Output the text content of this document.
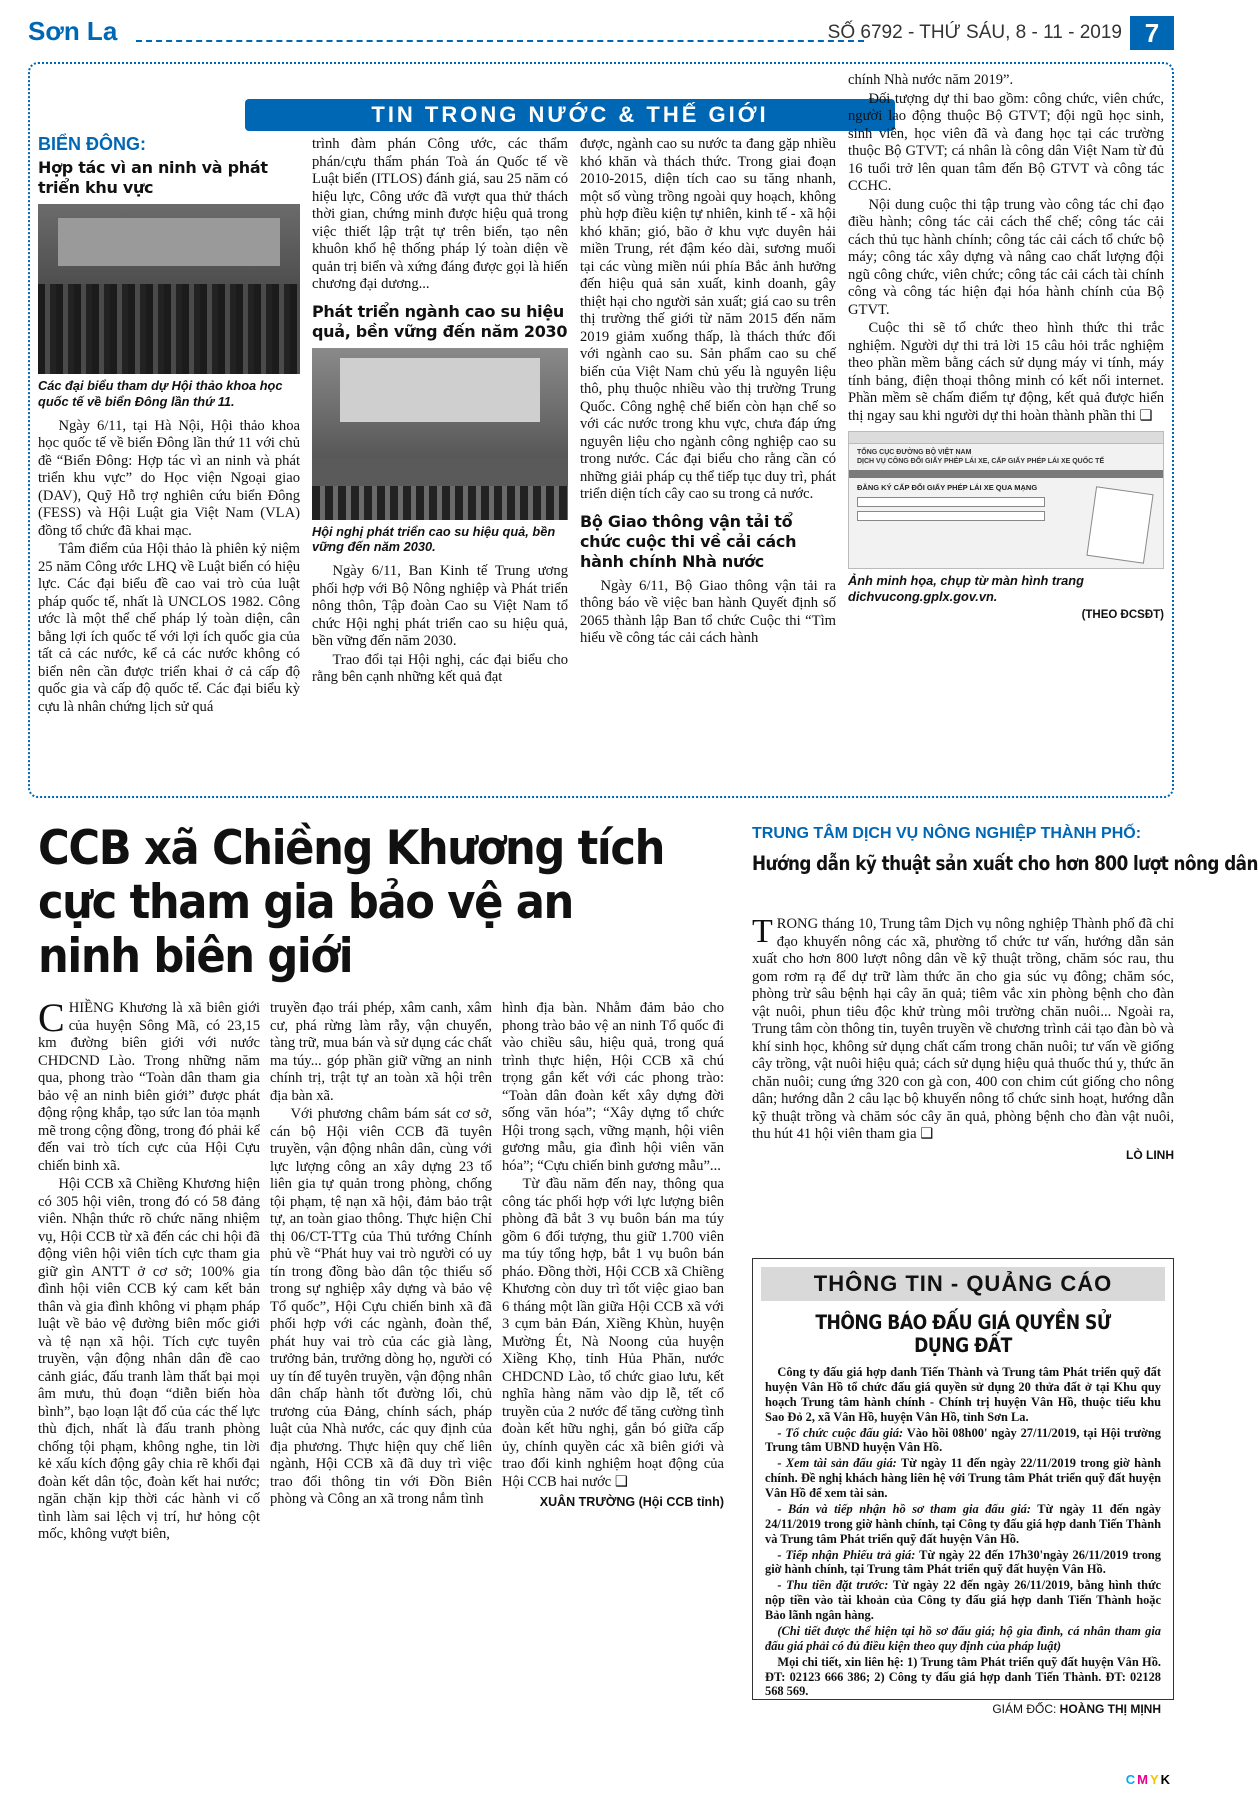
Sơn La	SỐ 6792 - THỨ SÁU, 8 - 11 - 2019 7
TIN TRONG NƯỚC & THẾ GIỚI
BIỂN ĐÔNG:
Hợp tác vì an ninh và phát triển khu vực
Các đại biểu tham dự Hội thảo khoa học quốc tế về biển Đông lần thứ 11.

Ngày 6/11, tại Hà Nội, Hội thảo khoa học quốc tế về biển Đông lần thứ 11 với chủ đề “Biển Đông: Hợp tác vì an ninh và phát triển khu vực” do Học viện Ngoại giao (DAV), Quỹ Hỗ trợ nghiên cứu biển Đông (FESS) và Hội Luật gia Việt Nam (VLA) đồng tổ chức đã khai mạc.

Tâm điểm của Hội thảo là phiên kỷ niệm 25 năm Công ước LHQ về Luật biển có hiệu lực. Các đại biểu đề cao vai trò của luật pháp quốc tế, nhất là UNCLOS 1982. Công ước là một thể chế pháp lý toàn diện, cân bằng lợi ích quốc tế với lợi ích quốc gia của tất cả các nước, kể cả các nước không có biển nên cần được triển khai ở cả cấp độ quốc gia và cấp độ quốc tế. Các đại biểu kỳ cựu là nhân chứng lịch sử quá

trình đàm phán Công ước, các thẩm phán/cựu thẩm phán Toà án Quốc tế về Luật biển (ITLOS) đánh giá, sau 25 năm có hiệu lực, Công ước đã vượt qua thử thách thời gian, chứng minh được hiệu quả trong việc thiết lập trật tự trên biển, tạo nên khuôn khổ hệ thống pháp lý toàn diện về quản trị biển và xứng đáng được gọi là hiến chương đại dương...

Phát triển ngành cao su hiệu quả, bền vững đến năm 2030
Hội nghị phát triển cao su hiệu quả, bền vững đến năm 2030.

Ngày 6/11, Ban Kinh tế Trung ương phối hợp với Bộ Nông nghiệp và Phát triển nông thôn, Tập đoàn Cao su Việt Nam tổ chức Hội nghị phát triển cao su hiệu quả, bền vững đến năm 2030.

Trao đổi tại Hội nghị, các đại biểu cho rằng bên cạnh những kết quả đạt

được, ngành cao su nước ta đang gặp nhiều khó khăn và thách thức. Trong giai đoạn 2010-2015, diện tích cao su tăng nhanh, một số vùng trồng ngoài quy hoạch, không phù hợp điều kiện tự nhiên, kinh tế - xã hội khó khăn; gió, bão ở khu vực duyên hải miền Trung, rét đậm kéo dài, sương muối tại các vùng miền núi phía Bắc ảnh hưởng đến hiệu quả sản xuất, kinh doanh, gây thiệt hại cho người sản xuất; giá cao su trên thị trường thế giới từ năm 2015 đến năm 2019 giảm xuống thấp, là thách thức đối với ngành cao su. Sản phẩm cao su chế biến của Việt Nam chủ yếu là nguyên liệu thô, phụ thuộc nhiều vào thị trường Trung Quốc. Công nghệ chế biến còn hạn chế so với các nước trong khu vực, chưa đáp ứng nguyên liệu cho ngành công nghiệp cao su trong nước. Các đại biểu cho rằng cần có những giải pháp cụ thể tiếp tục duy trì, phát triển diện tích cây cao su trong cả nước.

Bộ Giao thông vận tải tổ chức cuộc thi về cải cách hành chính Nhà nước

Ngày 6/11, Bộ Giao thông vận tải ra thông báo về việc ban hành Quyết định số 2065 thành lập Ban tổ chức Cuộc thi “Tìm hiểu về công tác cải cách hành

chính Nhà nước năm 2019”.

Đối tượng dự thi bao gồm: công chức, viên chức, người lao động thuộc Bộ GTVT; đội ngũ học sinh, sinh viên, học viên đã và đang học tại các trường thuộc Bộ GTVT; cá nhân là công dân Việt Nam từ đủ 16 tuổi trở lên quan tâm đến Bộ GTVT và công tác CCHC.

Nội dung cuộc thi tập trung vào công tác chỉ đạo điều hành; công tác cải cách thể chế; công tác cải cách thủ tục hành chính; công tác cải cách tổ chức bộ máy; công tác xây dựng và nâng cao chất lượng đội ngũ công chức, viên chức; công tác cải cách tài chính công và công tác hiện đại hóa hành chính của Bộ GTVT.

Cuộc thi sẽ tổ chức theo hình thức thi trắc nghiệm. Người dự thi trả lời 15 câu hỏi trắc nghiệm theo phần mềm bằng cách sử dụng máy vi tính, máy tính bảng, điện thoại thông minh có kết nối internet. Phần mềm sẽ chấm điểm tự động, kết quả được hiển thị ngay sau khi người dự thi hoàn thành phần thi ❑

TỔNG CỤC ĐƯỜNG BỘ VIỆT NAM
DỊCH VỤ CÔNG ĐỔI GIẤY PHÉP LÁI XE, CẤP GIẤY PHÉP LÁI XE QUỐC TẾ
ĐĂNG KÝ CẤP ĐỔI GIẤY PHÉP LÁI XE QUA MẠNG
Ảnh minh họa, chụp từ màn hình trang dichvucong.gplx.gov.vn.
(THEO ĐCSĐT)
CCB xã Chiềng Khương tích cực tham gia bảo vệ an ninh biên giới

CHIỀNG Khương là xã biên giới của huyện Sông Mã, có 23,15 km đường biên giới với nước CHDCND Lào. Trong những năm qua, phong trào “Toàn dân tham gia bảo vệ an ninh biên giới” được phát động rộng khắp, tạo sức lan tỏa mạnh mẽ trong cộng đồng, trong đó phải kể đến vai trò tích cực của Hội Cựu chiến binh xã.

Hội CCB xã Chiềng Khương hiện có 305 hội viên, trong đó có 58 đảng viên. Nhận thức rõ chức năng nhiệm vụ, Hội CCB từ xã đến các chi hội đã động viên hội viên tích cực tham gia giữ gìn ANTT ở cơ sở; 100% gia đình hội viên CCB ký cam kết bản thân và gia đình không vi phạm pháp luật về bảo vệ đường biên mốc giới và tệ nạn xã hội. Tích cực tuyên truyền, vận động nhân dân đề cao cảnh giác, đấu tranh làm thất bại mọi âm mưu, thủ đoạn “diễn biến hòa bình”, bạo loạn lật đổ của các thế lực thù địch, nhất là đấu tranh phòng chống tội phạm, không nghe, tin lời kẻ xấu kích động gây chia rẽ khối đại đoàn kết dân tộc, đoàn kết hai nước; ngăn chặn kịp thời các hành vi cố tình làm sai lệch vị trí, hư hỏng cột mốc, không vượt biên,

truyền đạo trái phép, xâm canh, xâm cư, phá rừng làm rẫy, vận chuyển, tàng trữ, mua bán và sử dụng các chất ma túy... góp phần giữ vững an ninh chính trị, trật tự an toàn xã hội trên địa bàn xã.

Với phương châm bám sát cơ sở, cán bộ Hội viên CCB đã tuyên truyền, vận động nhân dân, cùng với lực lượng công an xây dựng 23 tổ liên gia tự quản trong phòng, chống tội phạm, tệ nạn xã hội, đảm bảo trật tự, an toàn giao thông. Thực hiện Chỉ thị 06/CT-TTg của Thủ tướng Chính phủ về “Phát huy vai trò người có uy tín trong đồng bào dân tộc thiểu số trong sự nghiệp xây dựng và bảo vệ Tổ quốc”, Hội Cựu chiến binh xã đã phối hợp với các ngành, đoàn thể, phát huy vai trò của các già làng, trưởng bản, trưởng dòng họ, người có uy tín để tuyên truyền, vận động nhân dân chấp hành tốt đường lối, chủ trương của Đảng, chính sách, pháp luật của Nhà nước, các quy định của địa phương. Thực hiện quy chế liên ngành, Hội CCB xã đã duy trì việc trao đổi thông tin với Đồn Biên phòng và Công an xã trong nắm tình

hình địa bàn. Nhằm đảm bảo cho phong trào bảo vệ an ninh Tổ quốc đi vào chiều sâu, hiệu quả, trong quá trình thực hiện, Hội CCB xã chú trọng gắn kết với các phong trào: “Toàn dân đoàn kết xây dựng đời sống văn hóa”; “Xây dựng tổ chức Hội trong sạch, vững mạnh, hội viên gương mẫu, gia đình hội viên văn hóa”; “Cựu chiến binh gương mẫu”...

Từ đầu năm đến nay, thông qua công tác phối hợp với lực lượng biên phòng đã bắt 3 vụ buôn bán ma túy gồm 6 đối tượng, thu giữ 1.700 viên ma túy tổng hợp, bắt 1 vụ buôn bán pháo. Đồng thời, Hội CCB xã Chiềng Khương còn duy trì tốt việc giao ban 6 tháng một lần giữa Hội CCB xã với 3 cụm bản Đán, Xiềng Khùn, huyện Mường Ét, Nà Noong của huyện Xiềng Khọ, tỉnh Hủa Phăn, nước CHDCND Lào, tổ chức giao lưu, kết nghĩa hàng năm vào dịp lễ, tết cổ truyền của 2 nước để tăng cường tình đoàn kết hữu nghị, gắn bó giữa cấp ủy, chính quyền các xã biên giới và trao đổi kinh nghiệm hoạt động của Hội CCB hai nước ❑

XUÂN TRƯỜNG (Hội CCB tỉnh)
TRUNG TÂM DỊCH VỤ NÔNG NGHIỆP THÀNH PHỐ:
Hướng dẫn kỹ thuật sản xuất cho hơn 800 lượt nông dân

TRONG tháng 10, Trung tâm Dịch vụ nông nghiệp Thành phố đã chỉ đạo khuyến nông các xã, phường tổ chức tư vấn, hướng dẫn sản xuất cho hơn 800 lượt nông dân về kỹ thuật trồng, chăm sóc rau, thu gom rơm rạ để dự trữ làm thức ăn cho gia súc vụ đông; chăm sóc, phòng trừ sâu bệnh hại cây ăn quả; tiêm vắc xin phòng bệnh cho đàn vật nuôi, phun tiêu độc khử trùng môi trường chăn nuôi... Ngoài ra, Trung tâm còn thông tin, tuyên truyền về chương trình cải tạo đàn bò và khí sinh học, không sử dụng chất cấm trong chăn nuôi; tư vấn về giống cây trồng, vật nuôi hiệu quả; cách sử dụng hiệu quả thuốc thú y, thức ăn chăn nuôi; cung ứng 320 con gà con, 400 con chim cút giống cho nông dân; hướng dẫn 2 câu lạc bộ khuyến nông tổ chức sinh hoạt, hướng dẫn kỹ thuật trồng và chăm sóc cây ăn quả, phòng bệnh cho đàn vật nuôi, thu hút 41 hội viên tham gia ❑

LÒ LINH
THÔNG TIN - QUẢNG CÁO
THÔNG BÁO ĐẤU GIÁ QUYỀN SỬ DỤNG ĐẤT

Công ty đấu giá hợp danh Tiến Thành và Trung tâm Phát triển quỹ đất huyện Vân Hồ tổ chức đấu giá quyền sử dụng 20 thửa đất ở tại Khu quy hoạch Trung tâm hành chính - Chính trị huyện Vân Hồ, thuộc tiểu khu Sao Đỏ 2, xã Vân Hồ, huyện Vân Hồ, tỉnh Sơn La.

- Tổ chức cuộc đấu giá: Vào hồi 08h00' ngày 27/11/2019, tại Hội trường Trung tâm UBND huyện Vân Hồ.

- Xem tài sản đấu giá: Từ ngày 11 đến ngày 22/11/2019 trong giờ hành chính. Đề nghị khách hàng liên hệ với Trung tâm Phát triển quỹ đất huyện Vân Hồ để xem tài sản.

- Bán và tiếp nhận hồ sơ tham gia đấu giá: Từ ngày 11 đến ngày 24/11/2019 trong giờ hành chính, tại Công ty đấu giá hợp danh Tiến Thành và Trung tâm Phát triển quỹ đất huyện Vân Hồ.

- Tiếp nhận Phiếu trả giá: Từ ngày 22 đến 17h30'ngày 26/11/2019 trong giờ hành chính, tại Trung tâm Phát triển quỹ đất huyện Vân Hồ.

- Thu tiền đặt trước: Từ ngày 22 đến ngày 26/11/2019, bằng hình thức nộp tiền vào tài khoản của Công ty đấu giá hợp danh Tiến Thành hoặc Bảo lãnh ngân hàng.

(Chi tiết được thể hiện tại hồ sơ đấu giá; hộ gia đình, cá nhân tham gia đấu giá phải có đủ điều kiện theo quy định của pháp luật)

Mọi chi tiết, xin liên hệ: 1) Trung tâm Phát triển quỹ đất huyện Vân Hồ. ĐT: 02123 666 386; 2) Công ty đấu giá hợp danh Tiến Thành. ĐT: 02128 568 569.

GIÁM ĐỐC: HOÀNG THỊ MỊNH
CMYK
